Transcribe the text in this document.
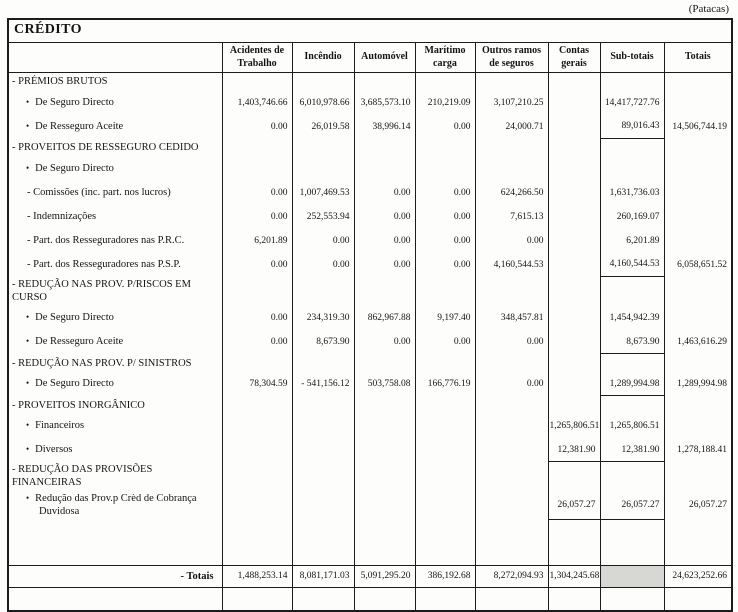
(Patacas)
CRÉDITO								
	Acidentes de Trabalho	Incêndio	Automóvel	Marítimo carga	Outros ramos de seguros	Contas gerais	Sub-totais	Totais
- PRÉMIOS BRUTOS								
• De Seguro Directo	1,403,746.66	6,010,978.66	3,685,573.10	210,219.09	3,107,210.25		14,417,727.76	
• De Resseguro Aceite	0.00	26,019.58	38,996.14	0.00	24,000.71		89,016.43	14,506,744.19
- PROVEITOS DE RESSEGURO CEDIDO								
• De Seguro Directo								
- Comissões (inc. part. nos lucros)	0.00	1,007,469.53	0.00	0.00	624,266.50		1,631,736.03	
- Indemnizações	0.00	252,553.94	0.00	0.00	7,615.13		260,169.07	
- Part. dos Resseguradores nas P.R.C.	6,201.89	0.00	0.00	0.00	0.00		6,201.89	
- Part. dos Resseguradores nas P.S.P.	0.00	0.00	0.00	0.00	4,160,544.53		4,160,544.53	6,058,651.52
- REDUÇÃO NAS PROV. P/RISCOS EM CURSO								
• De Seguro Directo	0.00	234,319.30	862,967.88	9,197.40	348,457.81		1,454,942.39	
• De Resseguro Aceite	0.00	8,673.90	0.00	0.00	0.00		8,673.90	1,463,616.29
- REDUÇÃO NAS PROV. P/ SINISTROS								
• De Seguro Directo	78,304.59	- 541,156.12	503,758.08	166,776.19	0.00		1,289,994.98	1,289,994.98
- PROVEITOS INORGÂNICO								
• Financeiros						1,265,806.51	1,265,806.51	
• Diversos						12,381.90	12,381.90	1,278,188.41
- REDUÇÃO DAS PROVISÕES FINANCEIRAS								
• Redução das Prov.p Crèd de Cobrança Duvidosa						26,057.27	26,057.27	26,057.27

- Totais	1,488,253.14	8,081,171.03	5,091,295.20	386,192.68	8,272,094.93	1,304,245.68		24,623,252.66
